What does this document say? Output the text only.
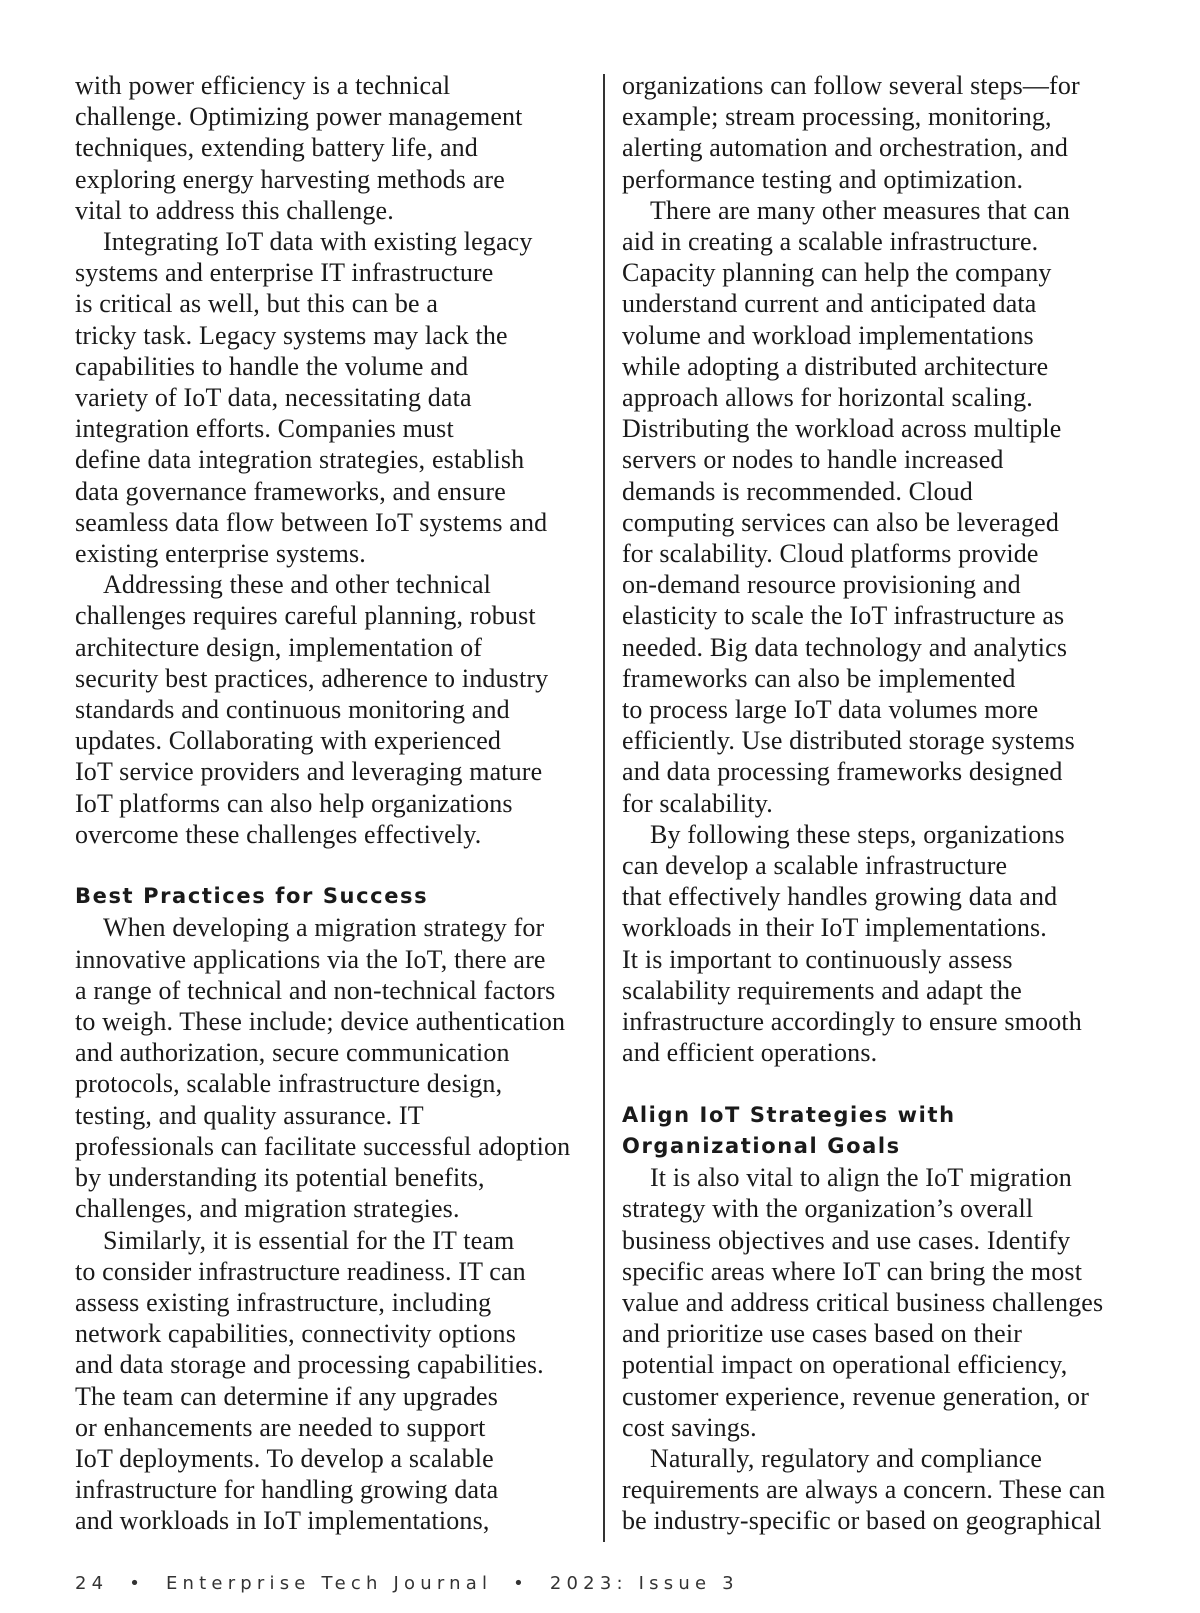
with power efficiency is a technical
challenge. Optimizing power management
techniques, extending battery life, and
exploring energy harvesting methods are
vital to address this challenge.
Integrating IoT data with existing legacy
systems and enterprise IT infrastructure
is critical as well, but this can be a
tricky task. Legacy systems may lack the
capabilities to handle the volume and
variety of IoT data, necessitating data
integration efforts. Companies must
define data integration strategies, establish
data governance frameworks, and ensure
seamless data flow between IoT systems and
existing enterprise systems.
Addressing these and other technical
challenges requires careful planning, robust
architecture design, implementation of
security best practices, adherence to industry
standards and continuous monitoring and
updates. Collaborating with experienced
IoT service providers and leveraging mature
IoT platforms can also help organizations
overcome these challenges effectively.
Best Practices for Success
When developing a migration strategy for
innovative applications via the IoT, there are
a range of technical and non-technical factors
to weigh. These include; device authentication
and authorization, secure communication
protocols, scalable infrastructure design,
testing, and quality assurance. IT
professionals can facilitate successful adoption
by understanding its potential benefits,
challenges, and migration strategies.
Similarly, it is essential for the IT team
to consider infrastructure readiness. IT can
assess existing infrastructure, including
network capabilities, connectivity options
and data storage and processing capabilities.
The team can determine if any upgrades
or enhancements are needed to support
IoT deployments. To develop a scalable
infrastructure for handling growing data
and workloads in IoT implementations,
organizations can follow several steps—for
example; stream processing, monitoring,
alerting automation and orchestration, and
performance testing and optimization.
There are many other measures that can
aid in creating a scalable infrastructure.
Capacity planning can help the company
understand current and anticipated data
volume and workload implementations
while adopting a distributed architecture
approach allows for horizontal scaling.
Distributing the workload across multiple
servers or nodes to handle increased
demands is recommended. Cloud
computing services can also be leveraged
for scalability. Cloud platforms provide
on-demand resource provisioning and
elasticity to scale the IoT infrastructure as
needed. Big data technology and analytics
frameworks can also be implemented
to process large IoT data volumes more
efficiently. Use distributed storage systems
and data processing frameworks designed
for scalability.
By following these steps, organizations
can develop a scalable infrastructure
that effectively handles growing data and
workloads in their IoT implementations.
It is important to continuously assess
scalability requirements and adapt the
infrastructure accordingly to ensure smooth
and efficient operations.
Align IoT Strategies with
Organizational Goals
It is also vital to align the IoT migration
strategy with the organization’s overall
business objectives and use cases. Identify
specific areas where IoT can bring the most
value and address critical business challenges
and prioritize use cases based on their
potential impact on operational efficiency,
customer experience, revenue generation, or
cost savings.
Naturally, regulatory and compliance
requirements are always a concern. These can
be industry-specific or based on geographical
24 • Enterprise Tech Journal • 2023: Issue 3
